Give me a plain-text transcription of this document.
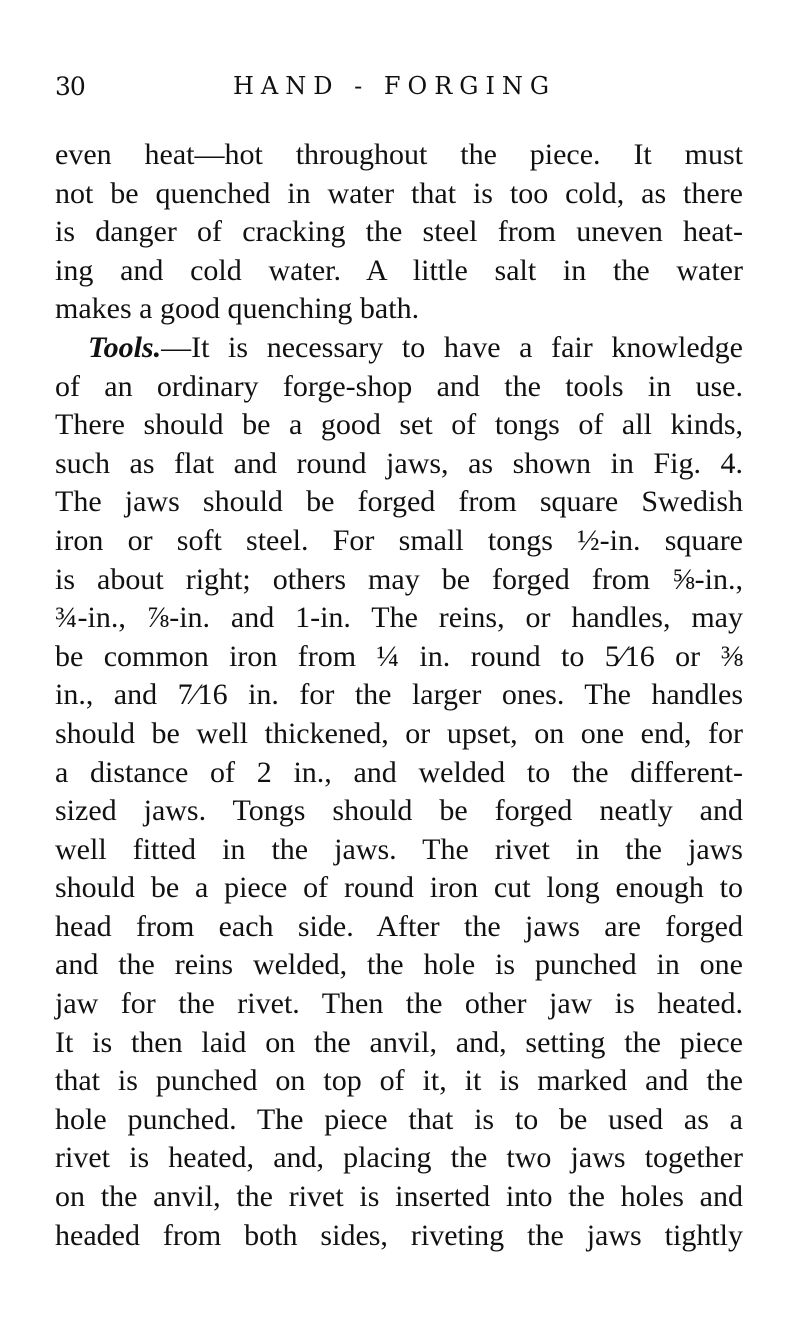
30	HAND - FORGING
even heat—hot throughout the piece. It must
not be quenched in water that is too cold, as there
is danger of cracking the steel from uneven heat-
ing and cold water. A little salt in the water
makes a good quenching bath.
Tools.—It is necessary to have a fair knowledge
of an ordinary forge-shop and the tools in use.
There should be a good set of tongs of all kinds,
such as flat and round jaws, as shown in Fig. 4.
The jaws should be forged from square Swedish
iron or soft steel. For small tongs ½-in. square
is about right; others may be forged from ⅝-in.,
¾-in., ⅞-in. and 1-in. The reins, or handles, may
be common iron from ¼ in. round to 5⁄16 or ⅜
in., and 7⁄16 in. for the larger ones. The handles
should be well thickened, or upset, on one end, for
a distance of 2 in., and welded to the different-
sized jaws. Tongs should be forged neatly and
well fitted in the jaws. The rivet in the jaws
should be a piece of round iron cut long enough to
head from each side. After the jaws are forged
and the reins welded, the hole is punched in one
jaw for the rivet. Then the other jaw is heated.
It is then laid on the anvil, and, setting the piece
that is punched on top of it, it is marked and the
hole punched. The piece that is to be used as a
rivet is heated, and, placing the two jaws together
on the anvil, the rivet is inserted into the holes and
headed from both sides, riveting the jaws tightly
